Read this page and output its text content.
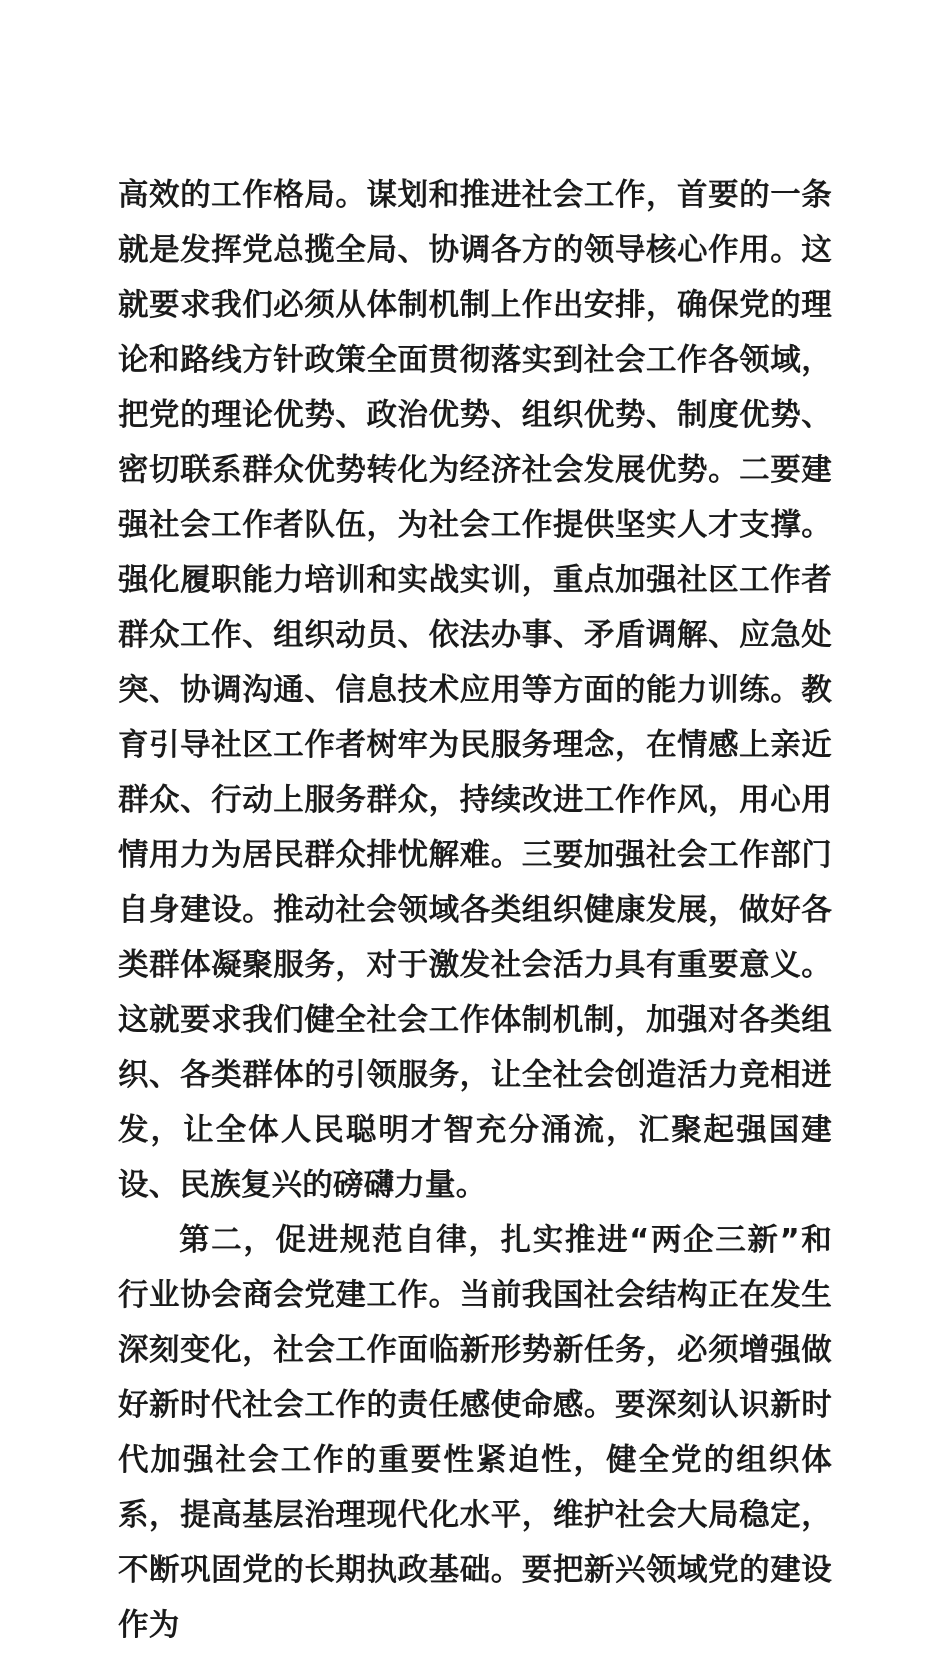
高效的工作格局。谋划和推进社会工作，首要的一条就是发挥党总揽全局、协调各方的领导核心作用。这就要求我们必须从体制机制上作出安排，确保党的理论和路线方针政策全面贯彻落实到社会工作各领域，把党的理论优势、政治优势、组织优势、制度优势、密切联系群众优势转化为经济社会发展优势。二要建强社会工作者队伍，为社会工作提供坚实人才支撑。强化履职能力培训和实战实训，重点加强社区工作者群众工作、组织动员、依法办事、矛盾调解、应急处突、协调沟通、信息技术应用等方面的能力训练。教育引导社区工作者树牢为民服务理念，在情感上亲近群众、行动上服务群众，持续改进工作作风，用心用情用力为居民群众排忧解难。三要加强社会工作部门自身建设。推动社会领域各类组织健康发展，做好各类群体凝聚服务，对于激发社会活力具有重要意义。这就要求我们健全社会工作体制机制，加强对各类组织、各类群体的引领服务，让全社会创造活力竞相迸发，让全体人民聪明才智充分涌流，汇聚起强国建设、民族复兴的磅礴力量。

第二，促进规范自律，扎实推进“两企三新”和行业协会商会党建工作。当前我国社会结构正在发生深刻变化，社会工作面临新形势新任务，必须增强做好新时代社会工作的责任感使命感。要深刻认识新时代加强社会工作的重要性紧迫性，健全党的组织体系，提高基层治理现代化水平，维护社会大局稳定，不断巩固党的长期执政基础。要把新兴领域党的建设作为
